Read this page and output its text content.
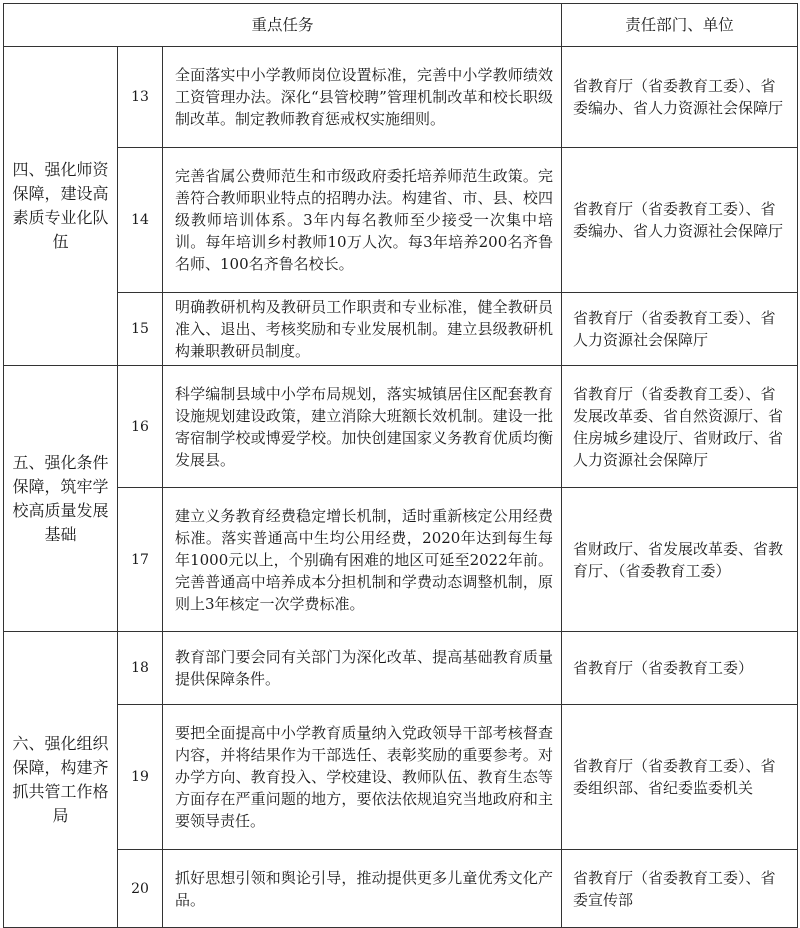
重点任务			责任部门、单位
四、强化师资保障，建设高素质专业化队伍	13	全面落实中小学教师岗位设置标准，完善中小学教师绩效工资管理办法。深化“县管校聘”管理机制改革和校长职级制改革。制定教师教育惩戒权实施细则。	省教育厅（省委教育工委）、省委编办、省人力资源社会保障厅
	14	完善省属公费师范生和市级政府委托培养师范生政策。完善符合教师职业特点的招聘办法。构建省、市、县、校四级教师培训体系。3年内每名教师至少接受一次集中培训。每年培训乡村教师10万人次。每3年培养200名齐鲁名师、100名齐鲁名校长。	省教育厅（省委教育工委）、省委编办、省人力资源社会保障厅
	15	明确教研机构及教研员工作职责和专业标准，健全教研员准入、退出、考核奖励和专业发展机制。建立县级教研机构兼职教研员制度。	省教育厅（省委教育工委）、省人力资源社会保障厅
五、强化条件保障，筑牢学校高质量发展基础	16	科学编制县域中小学布局规划，落实城镇居住区配套教育设施规划建设政策，建立消除大班额长效机制。建设一批寄宿制学校或博爱学校。加快创建国家义务教育优质均衡发展县。	省教育厅（省委教育工委）、省发展改革委、省自然资源厅、省住房城乡建设厅、省财政厅、省人力资源社会保障厅
	17	建立义务教育经费稳定增长机制，适时重新核定公用经费标准。落实普通高中生均公用经费，2020年达到每生每年1000元以上，个别确有困难的地区可延至2022年前。完善普通高中培养成本分担机制和学费动态调整机制，原则上3年核定一次学费标准。	省财政厅、省发展改革委、省教育厅、（省委教育工委）
六、强化组织保障，构建齐抓共管工作格局	18	教育部门要会同有关部门为深化改革、提高基础教育质量提供保障条件。	省教育厅（省委教育工委）
	19	要把全面提高中小学教育质量纳入党政领导干部考核督查内容，并将结果作为干部选任、表彰奖励的重要参考。对办学方向、教育投入、学校建设、教师队伍、教育生态等方面存在严重问题的地方，要依法依规追究当地政府和主要领导责任。	省教育厅（省委教育工委）、省委组织部、省纪委监委机关
	20	抓好思想引领和舆论引导，推动提供更多儿童优秀文化产品。	省教育厅（省委教育工委）、省委宣传部
